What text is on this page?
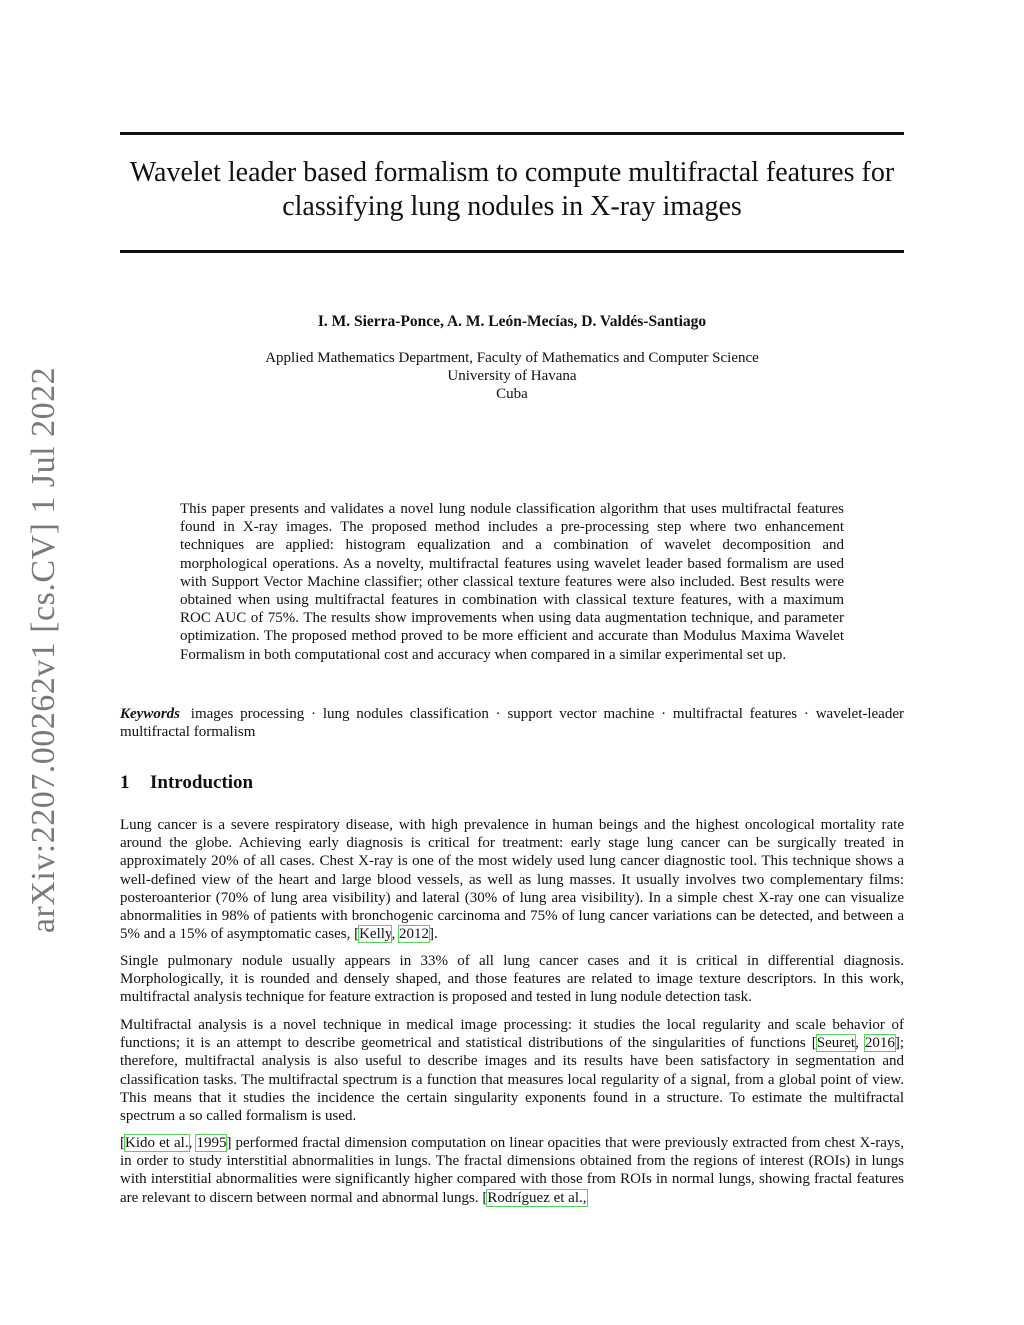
arXiv:2207.00262v1 [cs.CV] 1 Jul 2022
Wavelet leader based formalism to compute multifractal features for
classifying lung nodules in X-ray images
I. M. Sierra-Ponce, A. M. León-Mecías, D. Valdés-Santiago
Applied Mathematics Department, Faculty of Mathematics and Computer Science
University of Havana
Cuba

This paper presents and validates a novel lung nodule classification algorithm that uses multifractal features found in X-ray images. The proposed method includes a pre-processing step where two enhancement techniques are applied: histogram equalization and a combination of wavelet decomposition and morphological operations. As a novelty, multifractal features using wavelet leader based formalism are used with Support Vector Machine classifier; other classical texture features were also included. Best results were obtained when using multifractal features in combination with classical texture features, with a maximum ROC AUC of 75%. The results show improvements when using data augmentation technique, and parameter optimization. The proposed method proved to be more efficient and accurate than Modulus Maxima Wavelet Formalism in both computational cost and accuracy when compared in a similar experimental set up.

Keywords images processing · lung nodules classification · support vector machine · multifractal features · wavelet-leader multifractal formalism

1 Introduction

Lung cancer is a severe respiratory disease, with high prevalence in human beings and the highest oncological mortality rate around the globe. Achieving early diagnosis is critical for treatment: early stage lung cancer can be surgically treated in approximately 20% of all cases. Chest X-ray is one of the most widely used lung cancer diagnostic tool. This technique shows a well-defined view of the heart and large blood vessels, as well as lung masses. It usually involves two complementary films: posteroanterior (70% of lung area visibility) and lateral (30% of lung area visibility). In a simple chest X-ray one can visualize abnormalities in 98% of patients with bronchogenic carcinoma and 75% of lung cancer variations can be detected, and between a 5% and a 15% of asymptomatic cases, [Kelly, 2012].

Single pulmonary nodule usually appears in 33% of all lung cancer cases and it is critical in differential diagnosis. Morphologically, it is rounded and densely shaped, and those features are related to image texture descriptors. In this work, multifractal analysis technique for feature extraction is proposed and tested in lung nodule detection task.

Multifractal analysis is a novel technique in medical image processing: it studies the local regularity and scale behavior of functions; it is an attempt to describe geometrical and statistical distributions of the singularities of functions [Seuret, 2016]; therefore, multifractal analysis is also useful to describe images and its results have been satisfactory in segmentation and classification tasks. The multifractal spectrum is a function that measures local regularity of a signal, from a global point of view. This means that it studies the incidence the certain singularity exponents found in a structure. To estimate the multifractal spectrum a so called formalism is used.

[Kido et al., 1995] performed fractal dimension computation on linear opacities that were previously extracted from chest X-rays, in order to study interstitial abnormalities in lungs. The fractal dimensions obtained from the regions of interest (ROIs) in lungs with interstitial abnormalities were significantly higher compared with those from ROIs in normal lungs, showing fractal features are relevant to discern between normal and abnormal lungs. [Rodríguez et al.,
